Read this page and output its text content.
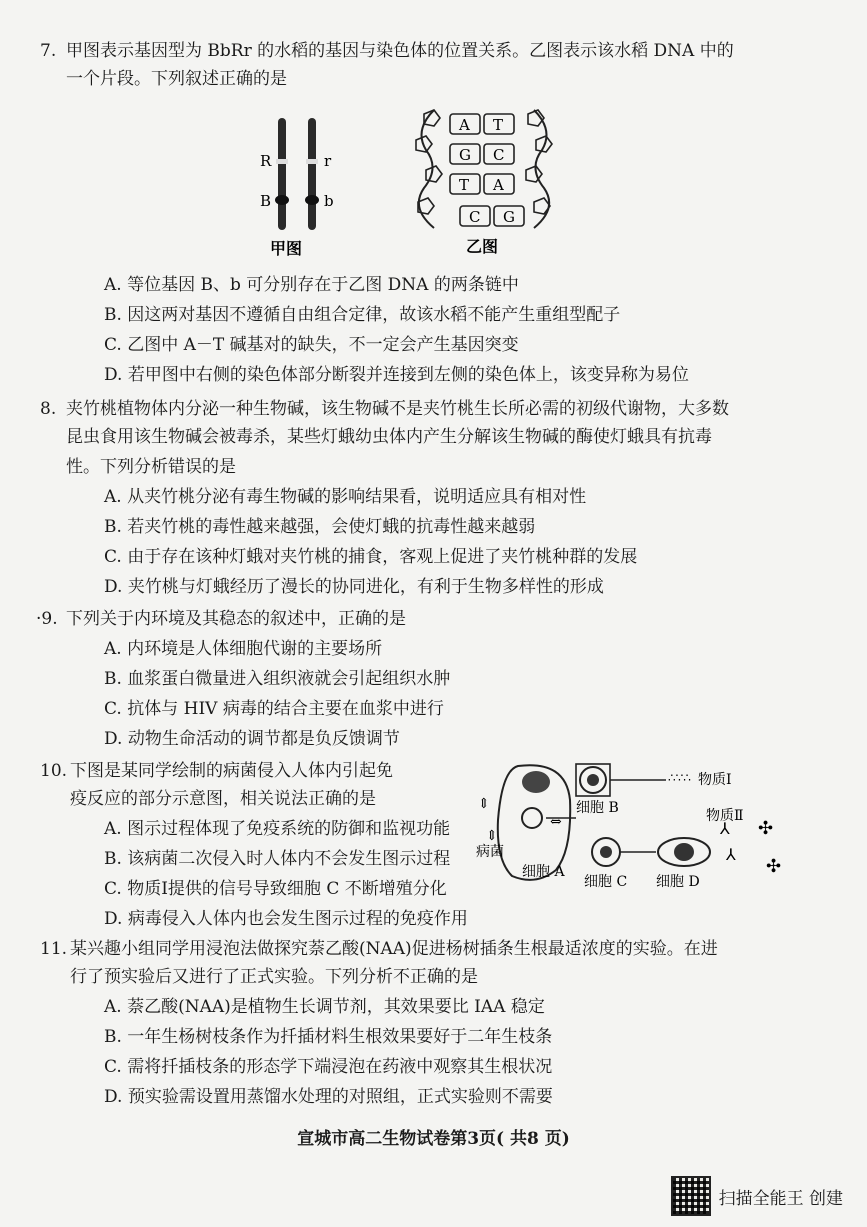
7. 甲图表示基因型为 BbRr 的水稻的基因与染色体的位置关系。乙图表示该水稻 DNA 中的
一个片段。下列叙述正确的是
R
B
r
b
甲图
A T
G C
T A
C G
乙图
A. 等位基因 B、b 可分别存在于乙图 DNA 的两条链中
B. 因这两对基因不遵循自由组合定律，故该水稻不能产生重组型配子
C. 乙图中 A－T 碱基对的缺失，不一定会产生基因突变
D. 若甲图中右侧的染色体部分断裂并连接到左侧的染色体上，该变异称为易位
8. 夹竹桃植物体内分泌一种生物碱，该生物碱不是夹竹桃生长所必需的初级代谢物，大多数
昆虫食用该生物碱会被毒杀，某些灯蛾幼虫体内产生分解该生物碱的酶使灯蛾具有抗毒
性。下列分析错误的是
A. 从夹竹桃分泌有毒生物碱的影响结果看，说明适应具有相对性
B. 若夹竹桃的毒性越来越强，会使灯蛾的抗毒性越来越弱
C. 由于存在该种灯蛾对夹竹桃的捕食，客观上促进了夹竹桃种群的发展
D. 夹竹桃与灯蛾经历了漫长的协同进化，有利于生物多样性的形成
·9. 下列关于内环境及其稳态的叙述中，正确的是
A. 内环境是人体细胞代谢的主要场所
B. 血浆蛋白微量进入组织液就会引起组织水肿
C. 抗体与 HIV 病毒的结合主要在血浆中进行
D. 动物生命活动的调节都是负反馈调节
10. 下图是某同学绘制的病菌侵入人体内引起免
疫反应的部分示意图，相关说法正确的是
A. 图示过程体现了免疫系统的防御和监视功能
B. 该病菌二次侵入时人体内不会发生图示过程
C. 物质Ⅰ提供的信号导致细胞 C 不断增殖分化
D. 病毒侵入人体内也会发生图示过程的免疫作用
⇕
⇕
∴∵∴ 物质Ⅰ
细胞 B
⇔	物质Ⅱ
⅄
⅄
✣
✣
病菌
细胞 A
细胞 C 细胞 D
11. 某兴趣小组同学用浸泡法做探究萘乙酸(NAA)促进杨树插条生根最适浓度的实验。在进
行了预实验后又进行了正式实验。下列分析不正确的是
A. 萘乙酸(NAA)是植物生长调节剂，其效果要比 IAA 稳定
B. 一年生杨树枝条作为扦插材料生根效果要好于二年生枝条
C. 需将扦插枝条的形态学下端浸泡在药液中观察其生根状况
D. 预实验需设置用蒸馏水处理的对照组，正式实验则不需要
宣城市高二生物试卷第3页( 共8 页)
扫描全能王 创建
